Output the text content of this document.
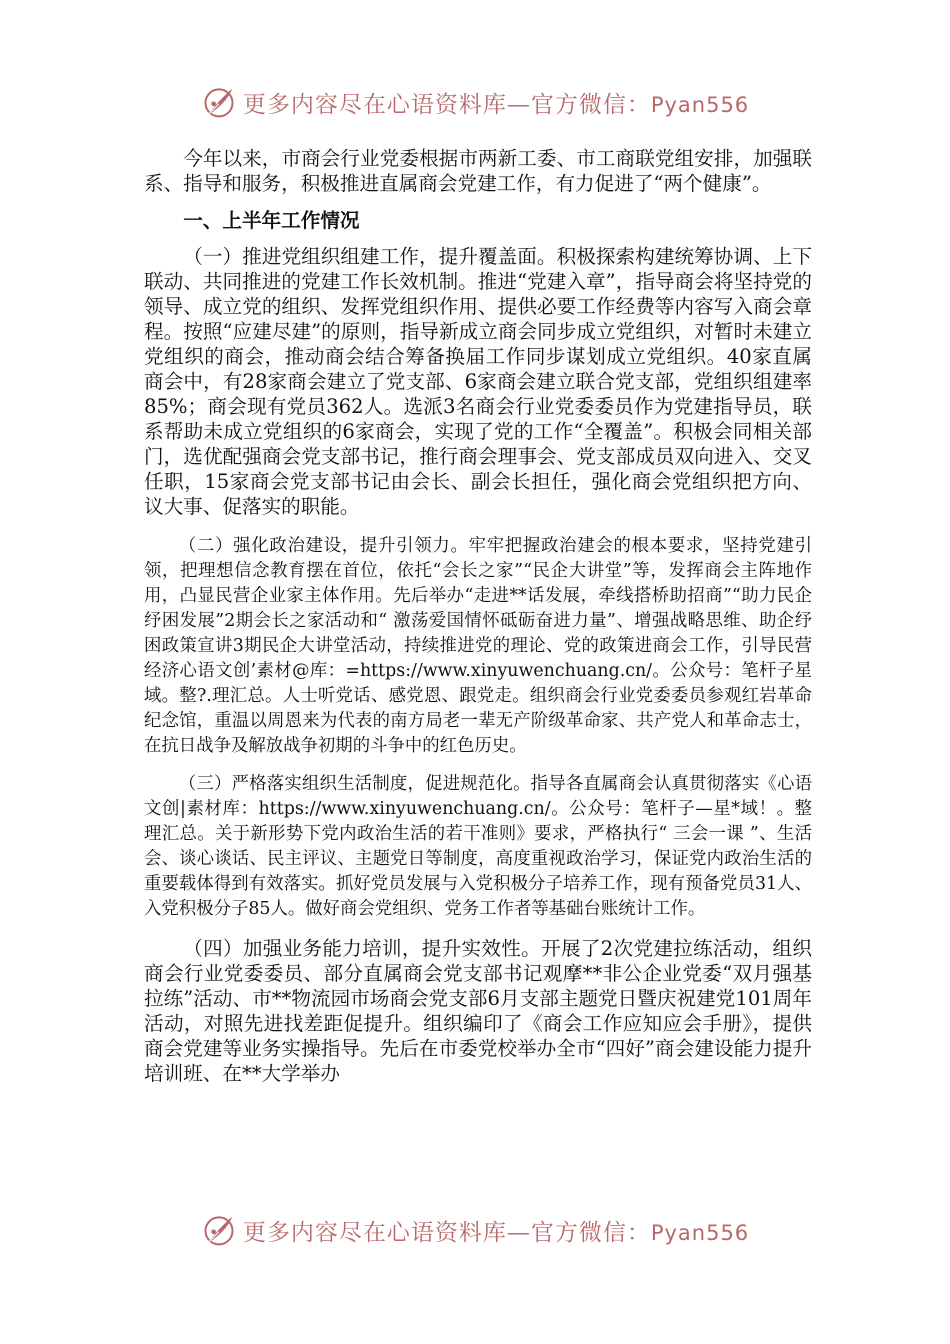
更多内容尽在心语资料库—官方微信：Pyan556

今年以来，市商会行业党委根据市两新工委、市工商联党组安排，加强联系、指导和服务，积极推进直属商会党建工作，有力促进了“两个健康”。

一、上半年工作情况

（一）推进党组织组建工作，提升覆盖面。积极探索构建统筹协调、上下联动、共同推进的党建工作长效机制。推进“党建入章”，指导商会将坚持党的领导、成立党的组织、发挥党组织作用、提供必要工作经费等内容写入商会章程。按照“应建尽建”的原则，指导新成立商会同步成立党组织，对暂时未建立党组织的商会，推动商会结合筹备换届工作同步谋划成立党组织。40家直属商会中，有28家商会建立了党支部、6家商会建立联合党支部，党组织组建率85%；商会现有党员362人。选派3名商会行业党委委员作为党建指导员，联系帮助未成立党组织的6家商会，实现了党的工作“全覆盖”。积极会同相关部门，选优配强商会党支部书记，推行商会理事会、党支部成员双向进入、交叉任职，15家商会党支部书记由会长、副会长担任，强化商会党组织把方向、议大事、促落实的职能。

（二）强化政治建设，提升引领力。牢牢把握政治建会的根本要求，坚持党建引领，把理想信念教育摆在首位，依托“会长之家”“民企大讲堂”等，发挥商会主阵地作用，凸显民营企业家主体作用。先后举办“走进**话发展，牵线搭桥助招商”“助力民企纾困发展”2期会长之家活动和“ 激荡爱国情怀砥砺奋进力量”、增强战略思维、助企纾困政策宣讲3期民企大讲堂活动，持续推进党的理论、党的政策进商会工作，引导民营经济心语文创’素材@库：=https://www.xinyuwenchuang.cn/。公众号：笔杆子星域。整?.理汇总。人士听党话、感党恩、跟党走。组织商会行业党委委员参观红岩革命纪念馆，重温以周恩来为代表的南方局老一辈无产阶级革命家、共产党人和革命志士，在抗日战争及解放战争初期的斗争中的红色历史。

（三）严格落实组织生活制度，促进规范化。指导各直属商会认真贯彻落实《心语文创|素材库：https://www.xinyuwenchuang.cn/。公众号：笔杆子—星*域！。整理汇总。关于新形势下党内政治生活的若干准则》要求，严格执行“ 三会一课 ”、生活会、谈心谈话、民主评议、主题党日等制度，高度重视政治学习，保证党内政治生活的重要载体得到有效落实。抓好党员发展与入党积极分子培养工作，现有预备党员31人、入党积极分子85人。做好商会党组织、党务工作者等基础台账统计工作。

（四）加强业务能力培训，提升实效性。开展了2次党建拉练活动，组织商会行业党委委员、部分直属商会党支部书记观摩**非公企业党委“双月强基拉练”活动、市**物流园市场商会党支部6月支部主题党日暨庆祝建党101周年活动，对照先进找差距促提升。组织编印了《商会工作应知应会手册》，提供商会党建等业务实操指导。先后在市委党校举办全市“四好”商会建设能力提升培训班、在**大学举办

更多内容尽在心语资料库—官方微信：Pyan556
